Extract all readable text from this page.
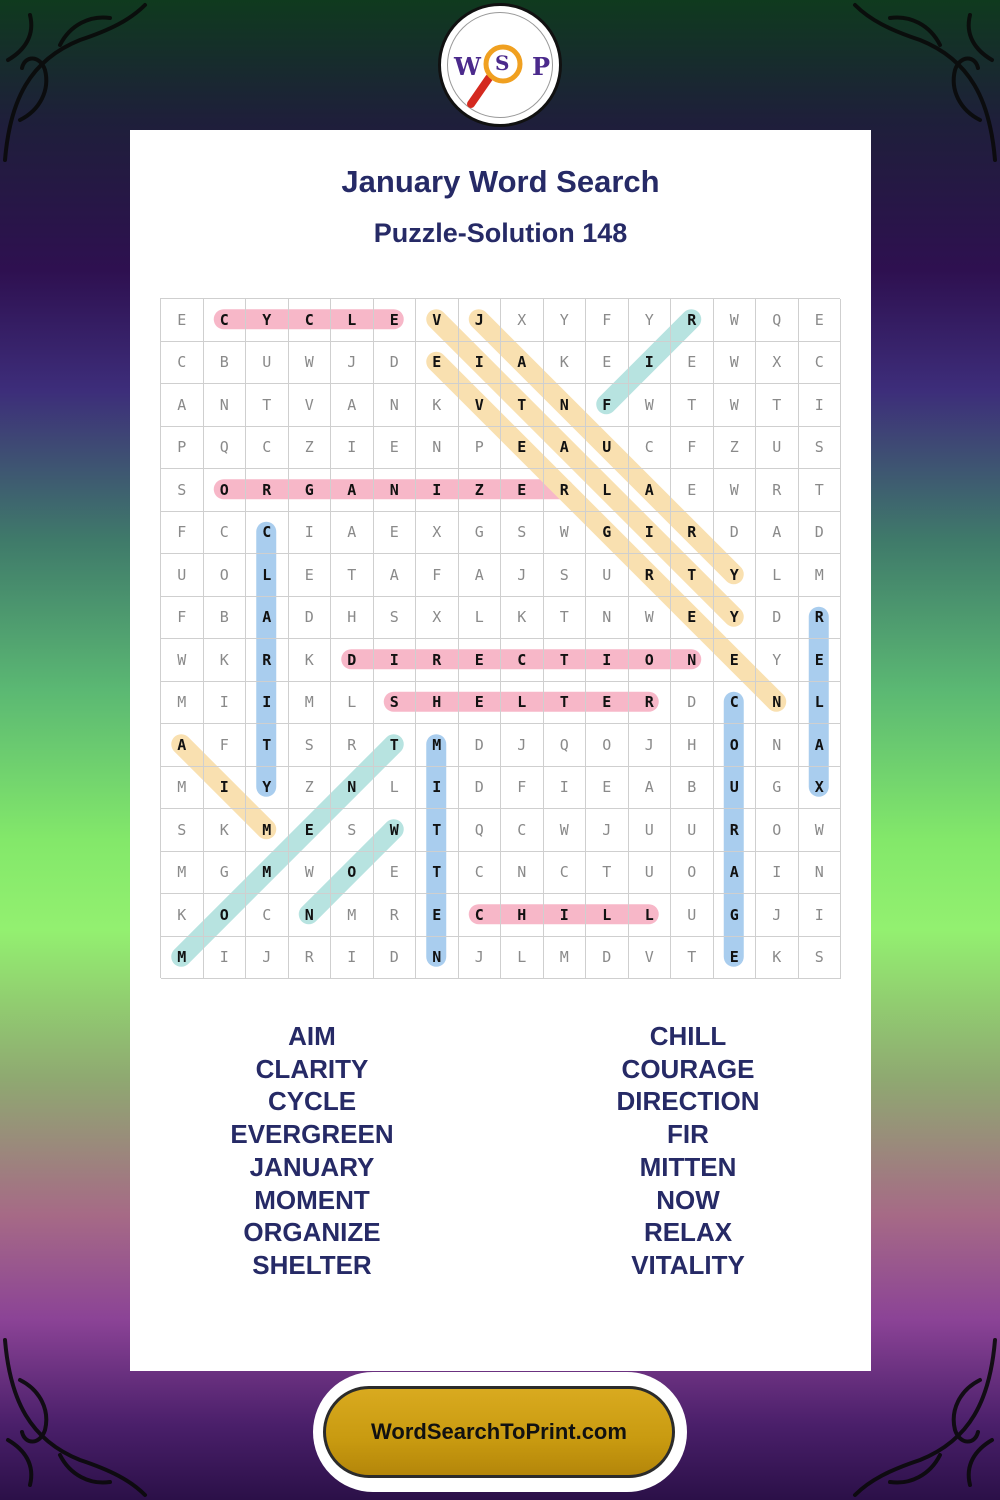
W S P
January Word Search
Puzzle-Solution 148
E	C	Y	C	L	E	V	J	X	Y	F	Y	R	W	Q	E
C	B	U	W	J	D	E	I	A	K	E	I	E	W	X	C
A	N	T	V	A	N	K	V	T	N	F	W	T	W	T	I
P	Q	C	Z	I	E	N	P	E	A	U	C	F	Z	U	S
S	O	R	G	A	N	I	Z	E	R	L	A	E	W	R	T
F	C	C	I	A	E	X	G	S	W	G	I	R	D	A	D
U	O	L	E	T	A	F	A	J	S	U	R	T	Y	L	M
F	B	A	D	H	S	X	L	K	T	N	W	E	Y	D	R
W	K	R	K	D	I	R	E	C	T	I	O	N	E	Y	E
M	I	I	M	L	S	H	E	L	T	E	R	D	C	N	L
A	F	T	S	R	T	M	D	J	Q	O	J	H	O	N	A
M	I	Y	Z	N	L	I	D	F	I	E	A	B	U	G	X
S	K	M	E	S	W	T	Q	C	W	J	U	U	R	O	W
M	G	M	W	O	E	T	C	N	C	T	U	O	A	I	N
K	O	C	N	M	R	E	C	H	I	L	L	U	G	J	I
M	I	J	R	I	D	N	J	L	M	D	V	T	E	K	S
AIM
CLARITY
CYCLE
EVERGREEN
JANUARY
MOMENT
ORGANIZE
SHELTER
CHILL
COURAGE
DIRECTION
FIR
MITTEN
NOW
RELAX
VITALITY
WordSearchToPrint.com
